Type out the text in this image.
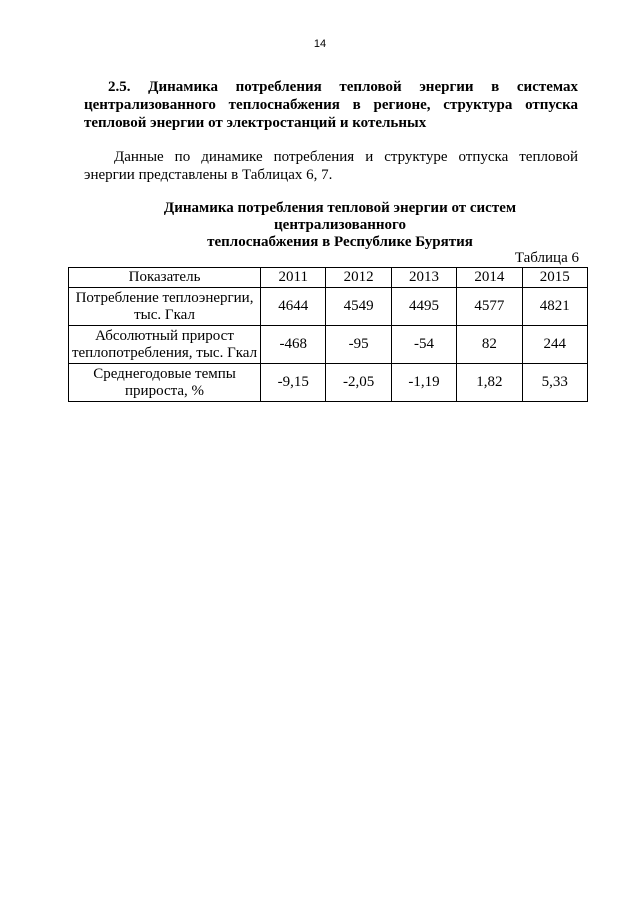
14

2.5. Динамика потребления тепловой энергии в системах централизованного теплоснабжения в регионе, структура отпуска тепловой энергии от электростанций и котельных

Данные по динамике потребления и структуре отпуска тепловой энергии представлены в Таблицах 6, 7.

Динамика потребления тепловой энергии от систем
централизованного
теплоснабжения в Республике Бурятия
Таблица 6
Показатель	2011	2012	2013	2014	2015
Потребление теплоэнергии, тыс. Гкал	4644	4549	4495	4577	4821
Абсолютный прирост теплопотребления, тыс. Гкал	-468	-95	-54	82	244
Среднегодовые темпы прироста, %	-9,15	-2,05	-1,19	1,82	5,33
